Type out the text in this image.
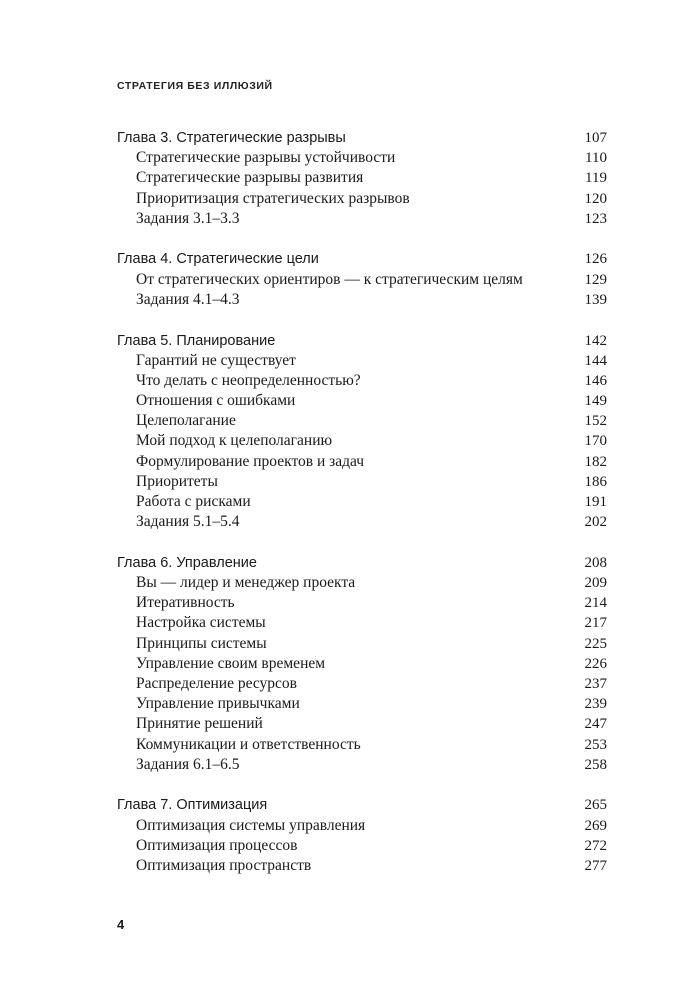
СТРАТЕГИЯ БЕЗ ИЛЛЮЗИЙ
Глава 3. Стратегические разрывы	107
Стратегические разрывы устойчивости	110
Стратегические разрывы развития	119
Приоритизация стратегических разрывов	120
Задания 3.1–3.3	123
Глава 4. Стратегические цели	126
От стратегических ориентиров — к стратегическим целям	129
Задания 4.1–4.3	139
Глава 5. Планирование	142
Гарантий не существует	144
Что делать с неопределенностью?	146
Отношения с ошибками	149
Целеполагание	152
Мой подход к целеполаганию	170
Формулирование проектов и задач	182
Приоритеты	186
Работа с рисками	191
Задания 5.1–5.4	202
Глава 6. Управление	208
Вы — лидер и менеджер проекта	209
Итеративность	214
Настройка системы	217
Принципы системы	225
Управление своим временем	226
Распределение ресурсов	237
Управление привычками	239
Принятие решений	247
Коммуникации и ответственность	253
Задания 6.1–6.5	258
Глава 7. Оптимизация	265
Оптимизация системы управления	269
Оптимизация процессов	272
Оптимизация пространств	277
4
